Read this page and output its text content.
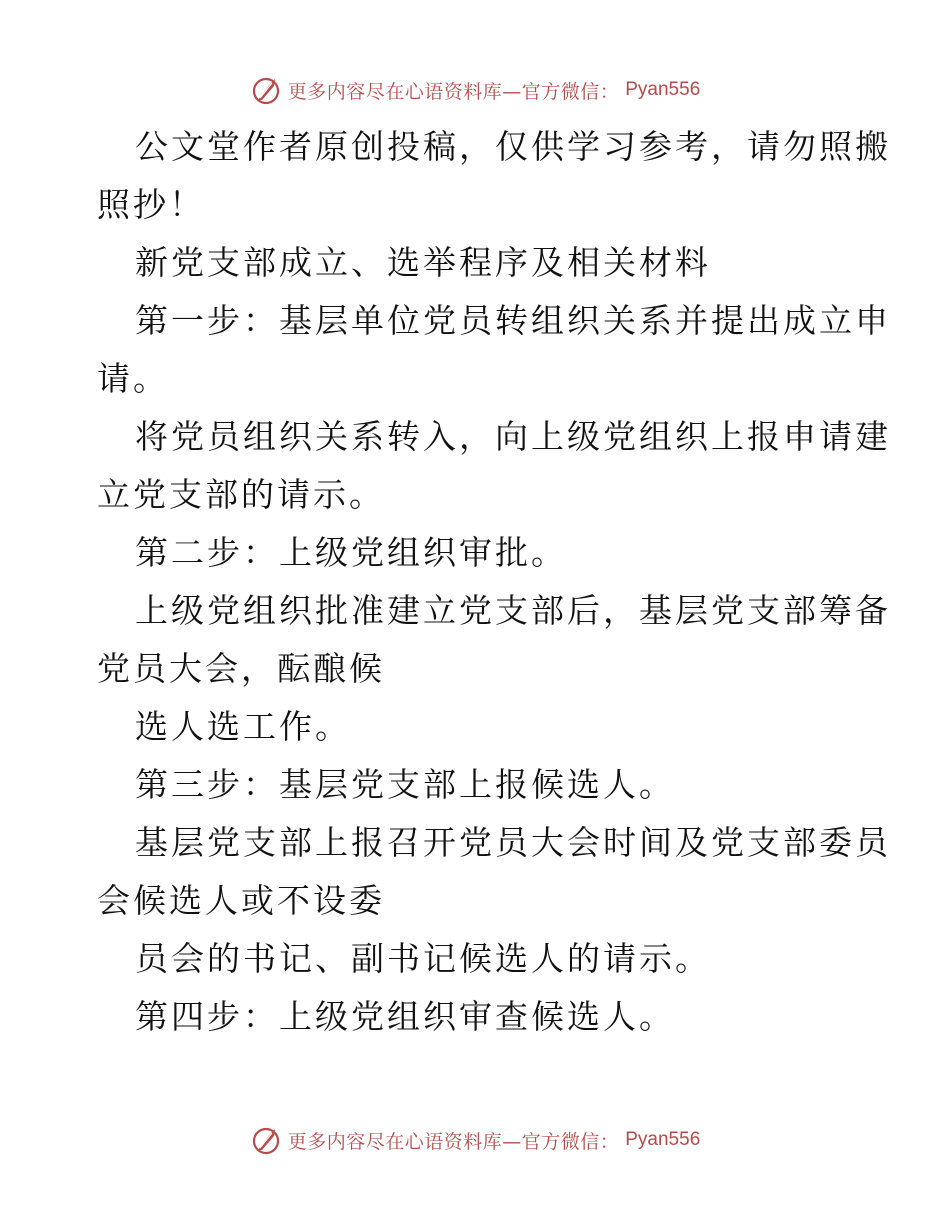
更多内容尽在心语资料库—官方微信： Pyan556
公文堂作者原创投稿，仅供学习参考，请勿照搬
照抄！
新党支部成立、选举程序及相关材料
第一步：基层单位党员转组织关系并提出成立申
请。
将党员组织关系转入，向上级党组织上报申请建
立党支部的请示。
第二步：上级党组织审批。
上级党组织批准建立党支部后，基层党支部筹备
党员大会，酝酿候
选人选工作。
第三步：基层党支部上报候选人。
基层党支部上报召开党员大会时间及党支部委员
会候选人或不设委
员会的书记、副书记候选人的请示。
第四步：上级党组织审查候选人。
更多内容尽在心语资料库—官方微信： Pyan556
